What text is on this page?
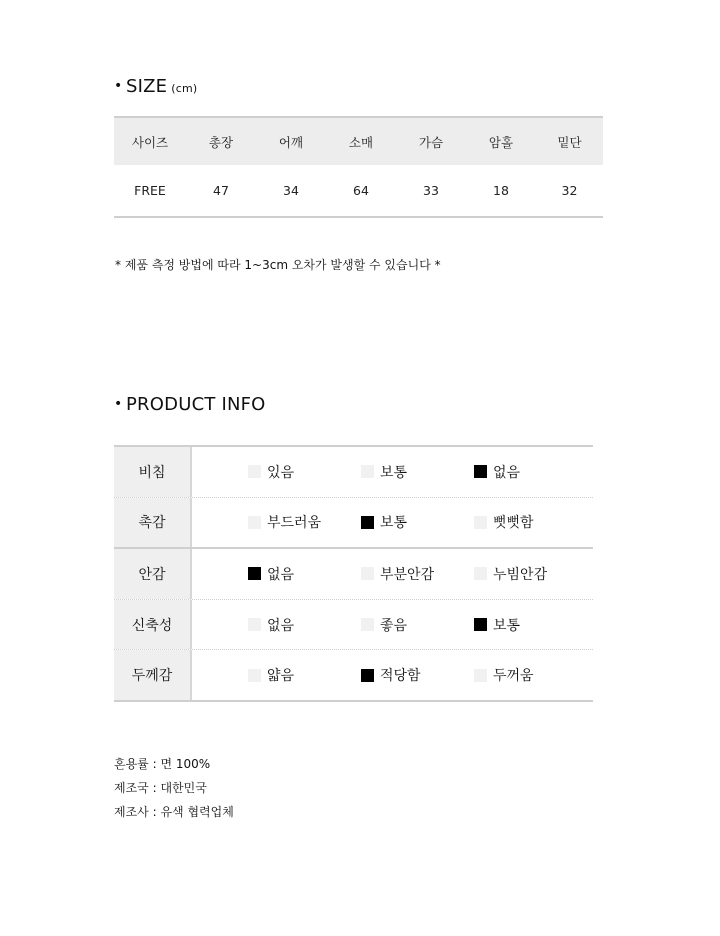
• SIZE (cm)
사이즈	총장	어깨	소매	가슴	암홀	밑단
FREE	47	34	64	33	18	32
* 제품 측정 방법에 따라 1~3cm 오차가 발생할 수 있습니다 *
• PRODUCT INFO
비침	있음	보통	없음
촉감	부드러움	보통	뻣뻣함
안감	없음	부분안감	누빔안감
신축성	없음	좋음	보통
두께감	얇음	적당함	두꺼움
혼용률 : 면 100%
제조국 : 대한민국
제조사 : 유색 협력업체
